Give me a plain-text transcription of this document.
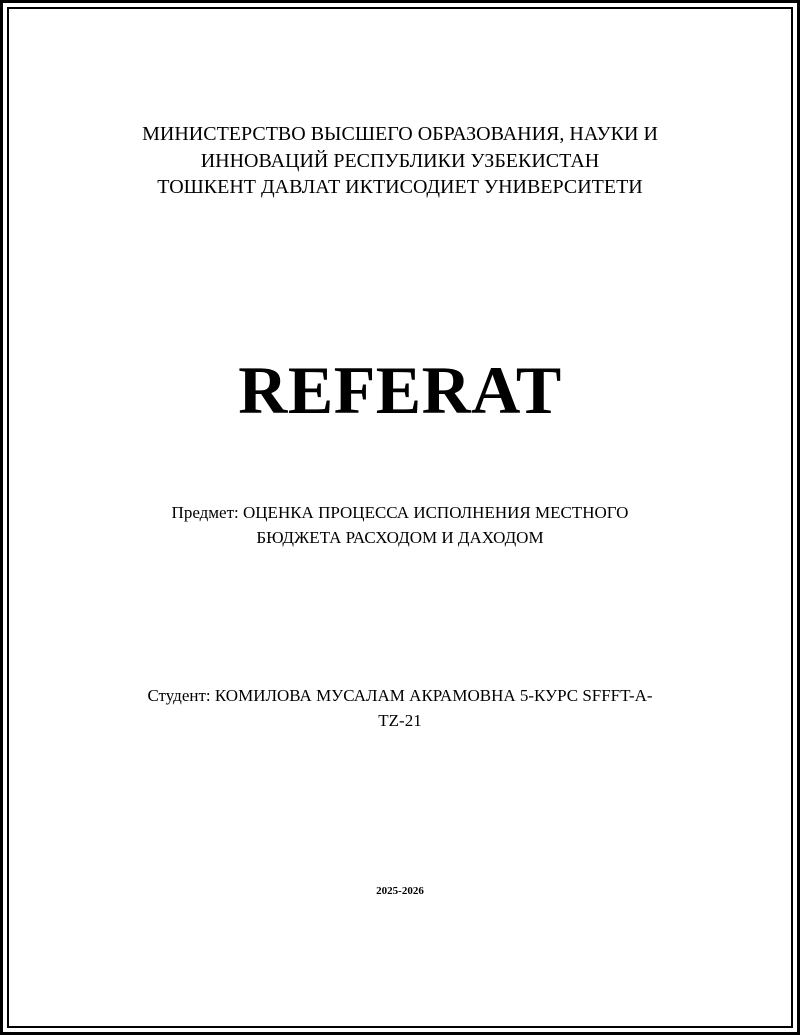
МИНИСТЕРСТВО ВЫСШЕГО ОБРАЗОВАНИЯ, НАУКИ И
ИННОВАЦИЙ РЕСПУБЛИКИ УЗБЕКИСТАН
ТОШКЕНТ ДАВЛАТ ИКТИСОДИЕТ УНИВЕРСИТЕТИ
REFERAT
Предмет: ОЦЕНКА ПРОЦЕССА ИСПОЛНЕНИЯ МЕСТНОГО
БЮДЖЕТА РАСХОДОМ И ДАХОДОМ
Студент: КОМИЛОВА МУСАЛАМ АКРАМОВНА 5-КУРС SFFFT-A-
TZ-21
2025-2026
